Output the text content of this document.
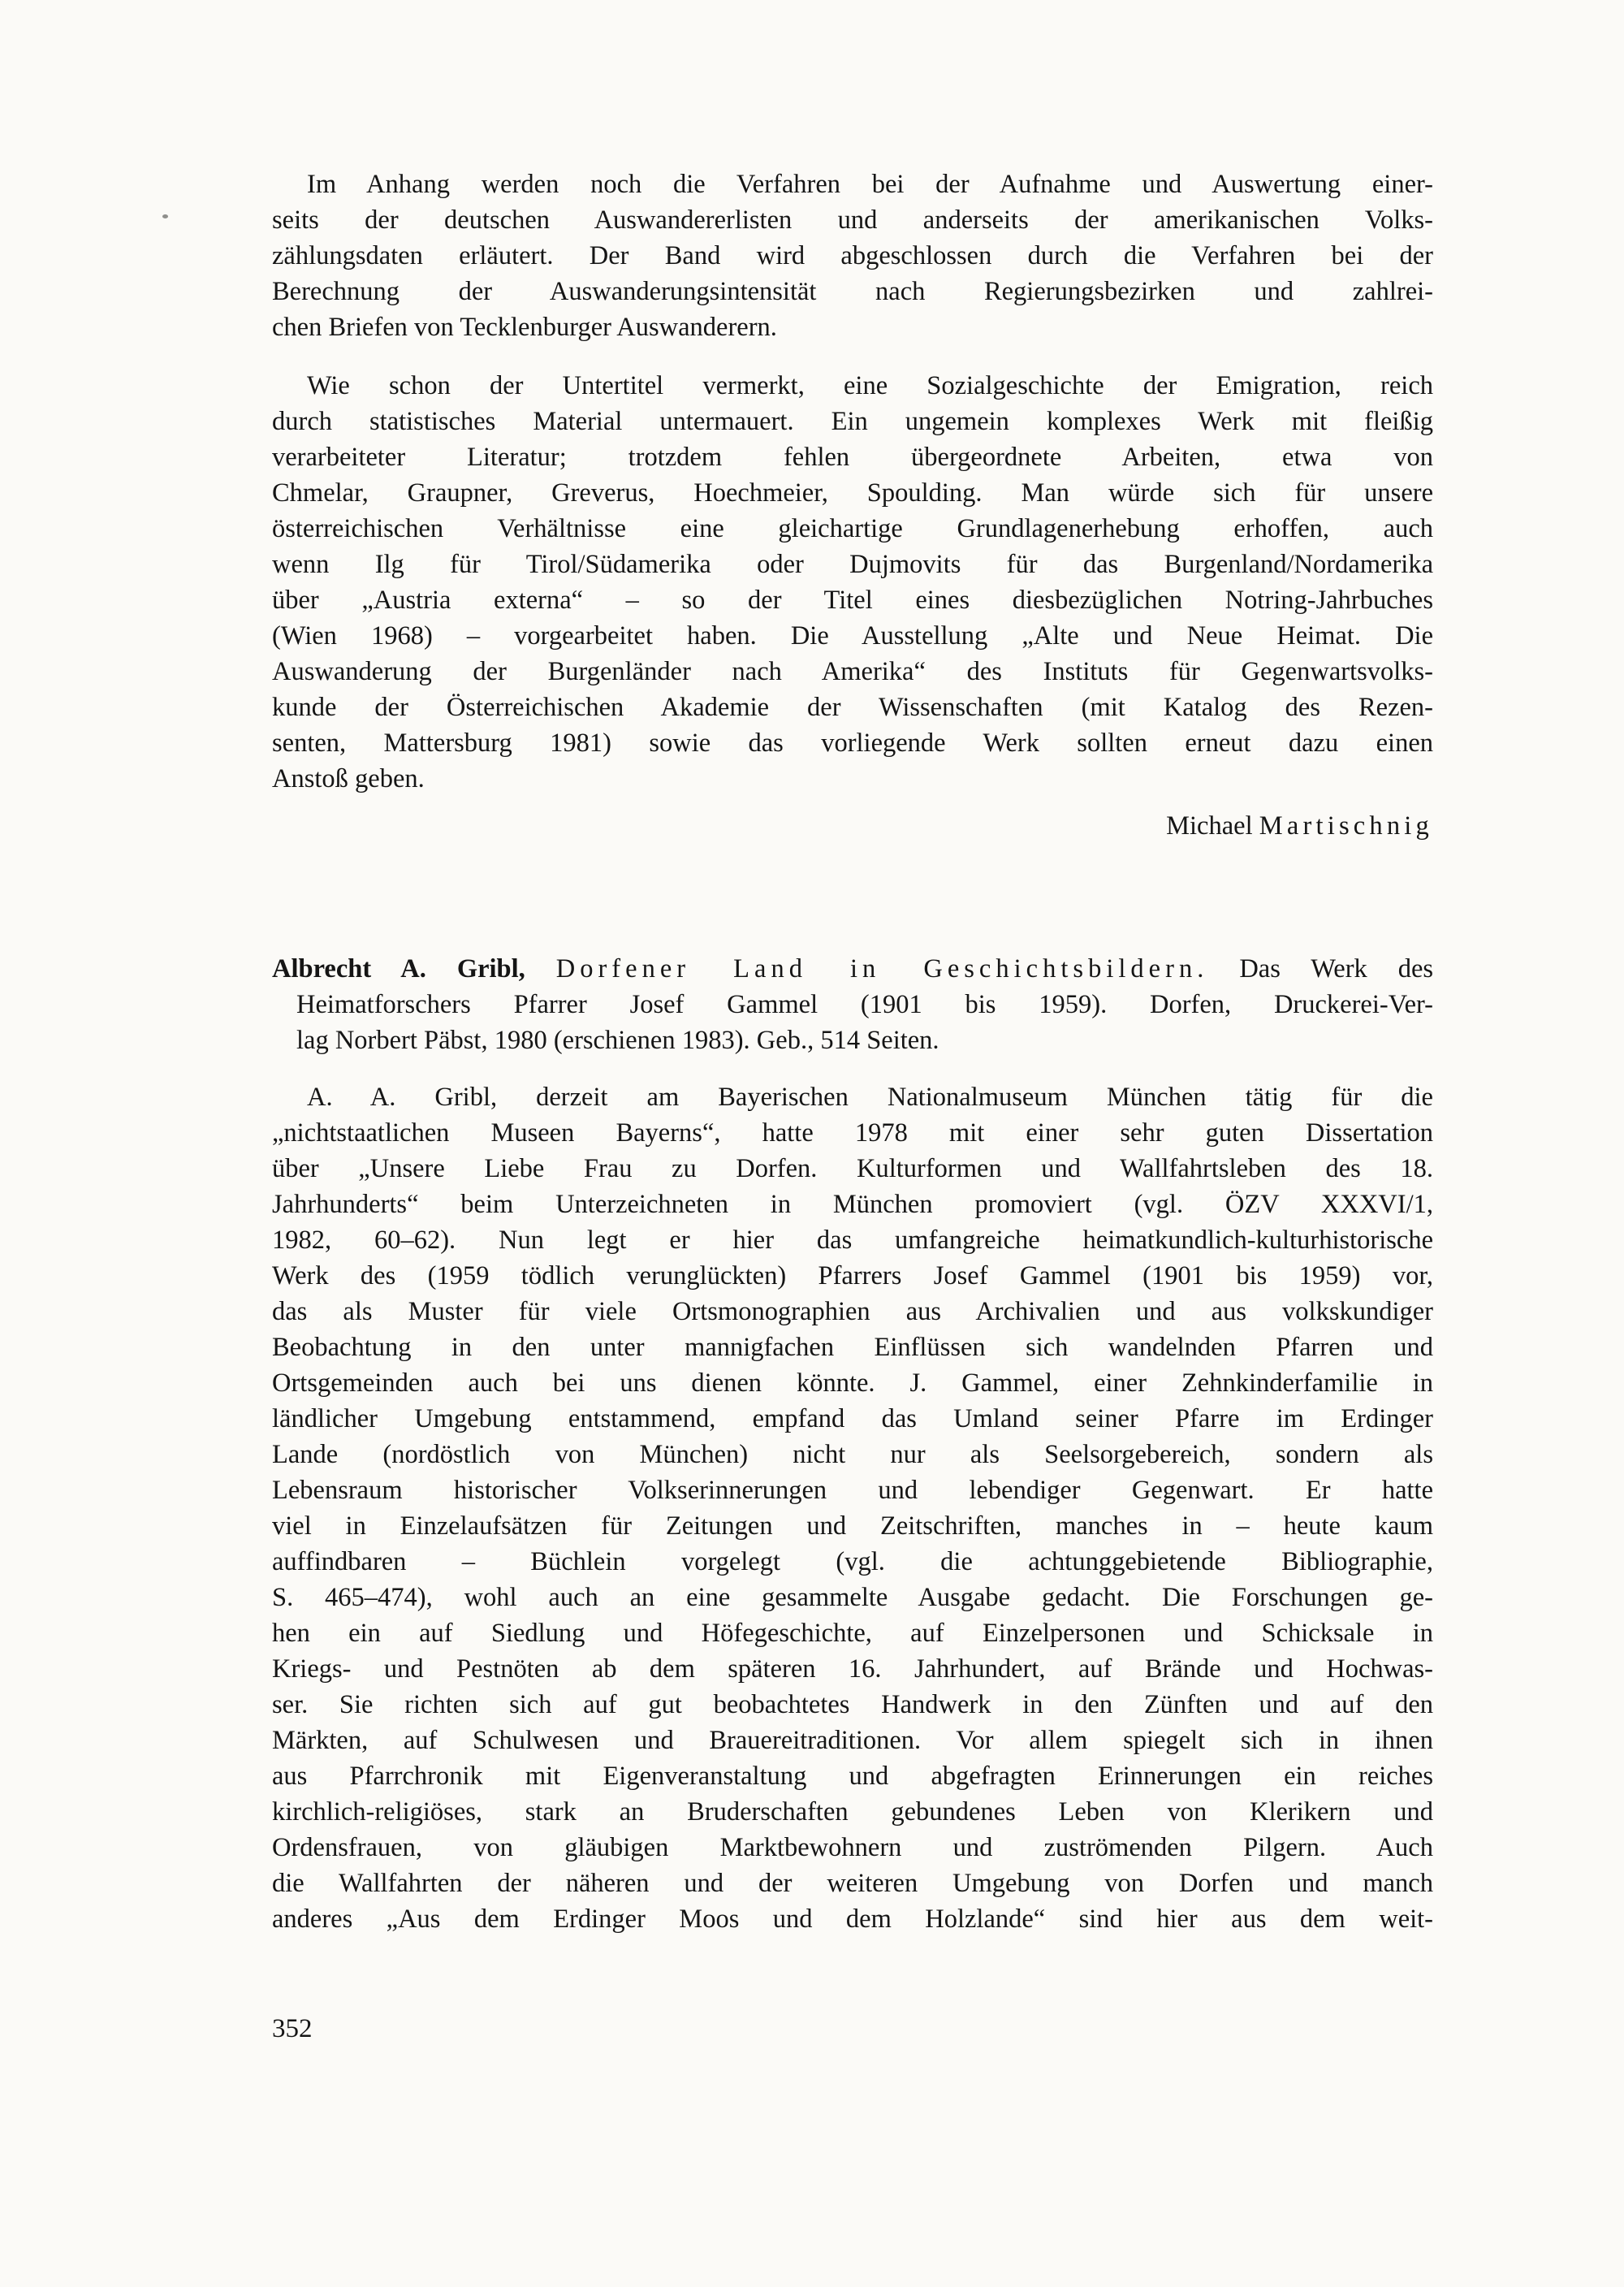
Im Anhang werden noch die Verfahren bei der Aufnahme und Auswertung einer-
seits der deutschen Auswandererlisten und anderseits der amerikanischen Volks-
zählungsdaten erläutert. Der Band wird abgeschlossen durch die Verfahren bei der
Berechnung der Auswanderungsintensität nach Regierungsbezirken und zahlrei-
chen Briefen von Tecklenburger Auswanderern.
Wie schon der Untertitel vermerkt, eine Sozialgeschichte der Emigration, reich
durch statistisches Material untermauert. Ein ungemein komplexes Werk mit fleißig
verarbeiteter Literatur; trotzdem fehlen übergeordnete Arbeiten, etwa von
Chmelar, Graupner, Greverus, Hoechmeier, Spoulding. Man würde sich für unsere
österreichischen Verhältnisse eine gleichartige Grundlagenerhebung erhoffen, auch
wenn Ilg für Tirol/Südamerika oder Dujmovits für das Burgenland/Nordamerika
über „Austria externa“ – so der Titel eines diesbezüglichen Notring-Jahrbuches
(Wien 1968) – vorgearbeitet haben. Die Ausstellung „Alte und Neue Heimat. Die
Auswanderung der Burgenländer nach Amerika“ des Instituts für Gegenwartsvolks-
kunde der Österreichischen Akademie der Wissenschaften (mit Katalog des Rezen-
senten, Mattersburg 1981) sowie das vorliegende Werk sollten erneut dazu einen
Anstoß geben.
Michael Martischnig
Albrecht A. Gribl, Dorfener Land in Geschichtsbildern. Das Werk des
Heimatforschers Pfarrer Josef Gammel (1901 bis 1959). Dorfen, Druckerei-Ver-
lag Norbert Päbst, 1980 (erschienen 1983). Geb., 514 Seiten.
A. A. Gribl, derzeit am Bayerischen Nationalmuseum München tätig für die
„nichtstaatlichen Museen Bayerns“, hatte 1978 mit einer sehr guten Dissertation
über „Unsere Liebe Frau zu Dorfen. Kulturformen und Wallfahrtsleben des 18.
Jahrhunderts“ beim Unterzeichneten in München promoviert (vgl. ÖZV XXXVI/1,
1982, 60–62). Nun legt er hier das umfangreiche heimatkundlich-kulturhistorische
Werk des (1959 tödlich verunglückten) Pfarrers Josef Gammel (1901 bis 1959) vor,
das als Muster für viele Ortsmonographien aus Archivalien und aus volkskundiger
Beobachtung in den unter mannigfachen Einflüssen sich wandelnden Pfarren und
Ortsgemeinden auch bei uns dienen könnte. J. Gammel, einer Zehnkinderfamilie in
ländlicher Umgebung entstammend, empfand das Umland seiner Pfarre im Erdinger
Lande (nordöstlich von München) nicht nur als Seelsorgebereich, sondern als
Lebensraum historischer Volkserinnerungen und lebendiger Gegenwart. Er hatte
viel in Einzelaufsätzen für Zeitungen und Zeitschriften, manches in – heute kaum
auffindbaren – Büchlein vorgelegt (vgl. die achtunggebietende Bibliographie,
S. 465–474), wohl auch an eine gesammelte Ausgabe gedacht. Die Forschungen ge-
hen ein auf Siedlung und Höfegeschichte, auf Einzelpersonen und Schicksale in
Kriegs- und Pestnöten ab dem späteren 16. Jahrhundert, auf Brände und Hochwas-
ser. Sie richten sich auf gut beobachtetes Handwerk in den Zünften und auf den
Märkten, auf Schulwesen und Brauereitraditionen. Vor allem spiegelt sich in ihnen
aus Pfarrchronik mit Eigenveranstaltung und abgefragten Erinnerungen ein reiches
kirchlich-religiöses, stark an Bruderschaften gebundenes Leben von Klerikern und
Ordensfrauen, von gläubigen Marktbewohnern und zuströmenden Pilgern. Auch
die Wallfahrten der näheren und der weiteren Umgebung von Dorfen und manch
anderes „Aus dem Erdinger Moos und dem Holzlande“ sind hier aus dem weit-
352
